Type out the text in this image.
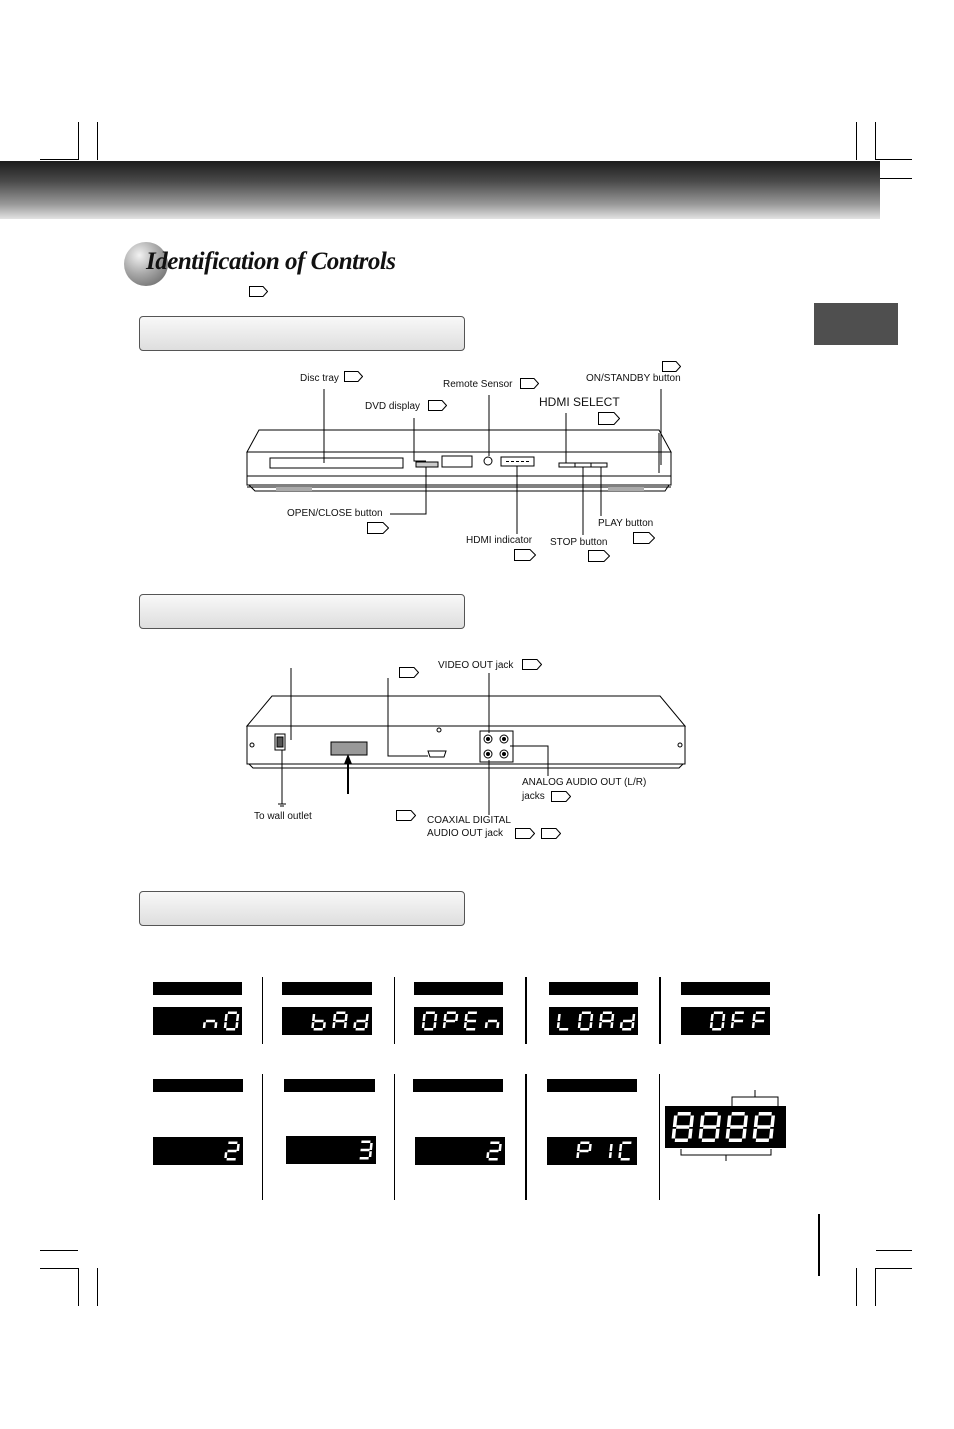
Identification of Controls
Disc tray
DVD display
Remote Sensor
ON/STANDBY button
HDMI SELECT
OPEN/CLOSE button
HDMI indicator STOP button
PLAY button
VIDEO OUT jack
ANALOG AUDIO OUT (L/R)
jacks
To wall outlet	COAXIAL DIGITAL
AUDIO OUT jack
